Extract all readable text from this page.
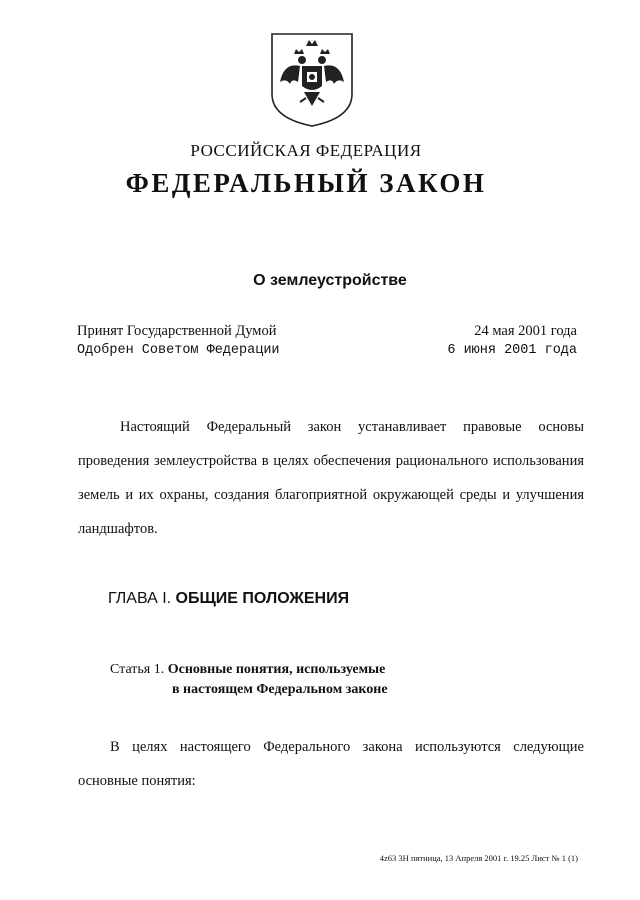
РОССИЙСКАЯ ФЕДЕРАЦИЯ
ФЕДЕРАЛЬНЫЙ ЗАКОН
О землеустройстве
Принят Государственной Думой	24 мая 2001 года
Одобрен Советом Федерации	6 июня 2001 года

Настоящий Федеральный закон устанавливает правовые основы проведения землеустройства в целях обеспечения рационального использования земель и их охраны, создания благоприятной окружающей среды и улучшения ландшафтов.

ГЛАВА I. ОБЩИЕ ПОЛОЖЕНИЯ
Статья 1. Основные понятия, используемые
в настоящем Федеральном законе

В целях настоящего Федерального закона используются следующие основные понятия:

4z63 3Н пятница, 13 Апреля 2001 г. 19.25 Лист № 1 (1)
